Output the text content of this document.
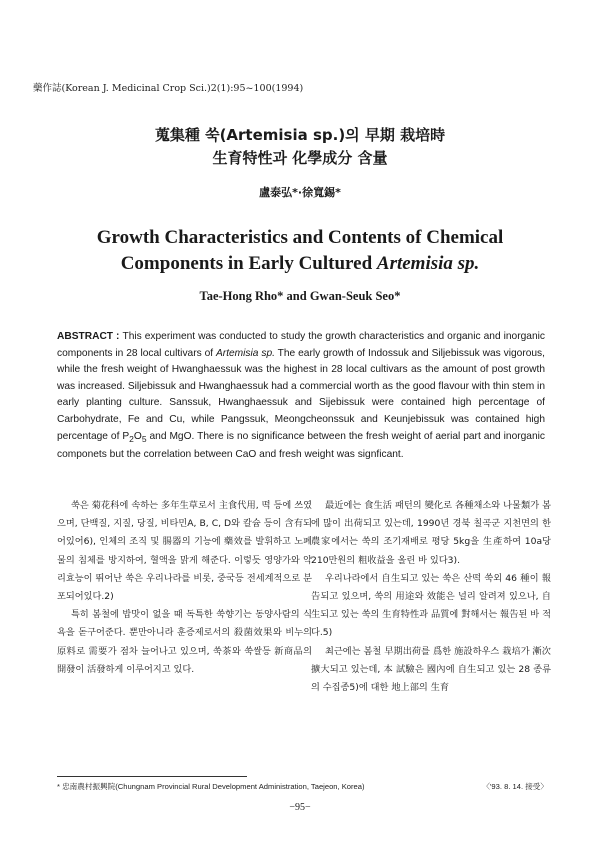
藥作誌(Korean J. Medicinal Crop Sci.)2(1):95~100(1994)
蒐集種 쑥(Artemisia sp.)의 早期 栽培時
生育特性과 化學成分 含量
盧泰弘*·徐寬錫*
Growth Characteristics and Contents of Chemical
Components in Early Cultured Artemisia sp.
Tae-Hong Rho* and Gwan-Seuk Seo*
ABSTRACT : This experiment was conducted to study the growth characteristics and organic and inorganic components in 28 local cultivars of Artemisia sp. The early growth of Indossuk and Siljebissuk was vigorous, while the fresh weight of Hwanghaessuk was the highest in 28 local cultivars as the amount of post growth was increased. Siljebissuk and Hwanghaessuk had a commercial worth as the good flavour with thin stem in early planting culture. Sanssuk, Hwanghaessuk and Sijebissuk were contained high percentage of Carbohydrate, Fe and Cu, while Pangssuk, Meongcheonssuk and Keunjebissuk was contained high percentage of $P_2O_5$ and MgO. There is no significance between the fresh weight of aerial part and inorganic componets but the correlation between CaO and fresh weight was signficant.

쑥은 菊花科에 속하는 多年生草로서 主食代用, 떡 등에 쓰였으며, 단백질, 지질, 당질, 비타민A, B, C, D와 칼슘 등이 含有되어있어6), 인체의 조직 및 腸器의 기능에 藥效를 발휘하고 노폐물의 침체를 방지하여, 혈액을 맑게 해준다. 이렇듯 영양가와 약리효능이 뛰어난 쑥은 우리나라를 비롯, 중국등 전세계적으로 분포되어있다.2)

특히 봄철에 밥맛이 없을 때 독특한 쑥향기는 동양사람의 식욕을 돋구어준다. 뿐만아니라 훈증제로서의 殺菌效果와 비누의 原料로 需要가 점차 늘어나고 있으며, 쑥茶와 쑥쌀등 新商品의 開發이 活發하게 이루어지고 있다.

最近에는 食生活 패턴의 變化로 各種채소와 나물類가 봄에 많이 出荷되고 있는데, 1990년 경북 칠곡군 지천면의 한 農家에서는 쑥의 조기재배로 평당 5kg을 生產하여 10a당 210만원의 粗收益을 올린 바 있다3).

우리나라에서 自生되고 있는 쑥은 산떡 쑥외 46 種이 報告되고 있으며, 쑥의 用途와 效能은 널리 알려져 있으나, 自生되고 있는 쑥의 生育特性과 品質에 對해서는 報告된 바 적다.5)

최근에는 봄철 早期出荷를 爲한 施設하우스 栽培가 漸次擴大되고 있는데, 本 試驗은 國內에 自生되고 있는 28 종류의 수집종5)에 대한 地上部의 生育

* 忠南農村振興院(Chungnam Provincial Rural Development Administration, Taejeon, Korea)	〈'93. 8. 14. 接受〉
−95−
